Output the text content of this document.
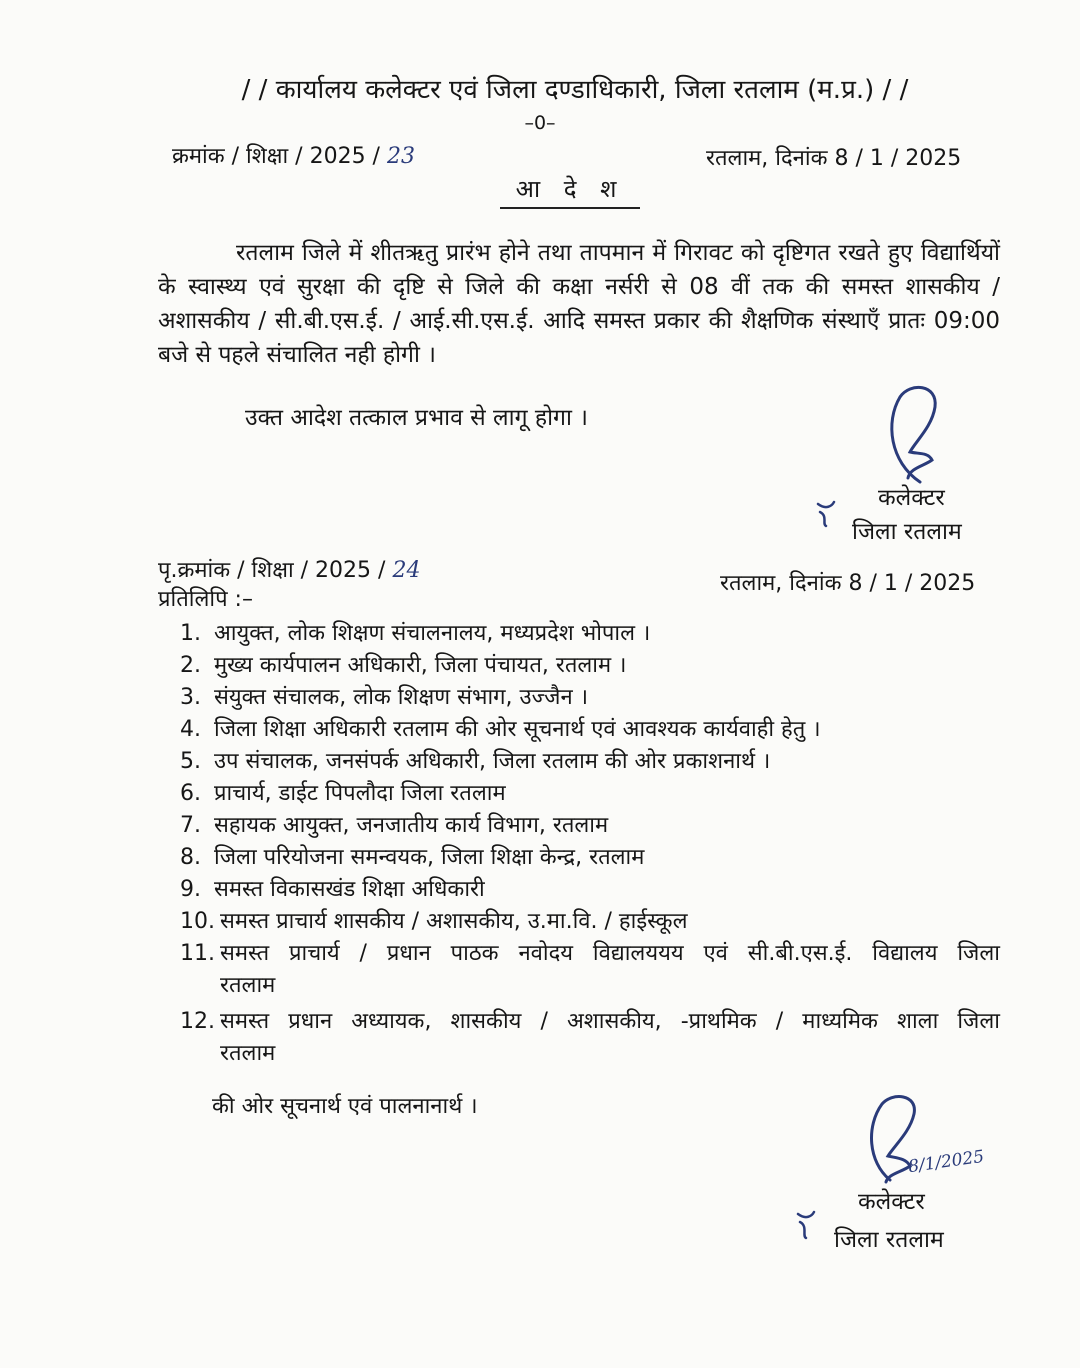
/ / कार्यालय कलेक्टर एवं जिला दण्डाधिकारी, जिला रतलाम (म.प्र.) / /
–0–
क्रमांक / शिक्षा / 2025 / 23	रतलाम, दिनांक 8 / 1 / 2025
आ दे श
रतलाम जिले में शीतऋतु प्रारंभ होने तथा तापमान में गिरावट को दृष्टिगत रखते हुए विद्यार्थियों के स्वास्थ्य एवं सुरक्षा की दृष्टि से जिले की कक्षा नर्सरी से 08 वीं तक की समस्त शासकीय / अशासकीय / सी.बी.एस.ई. / आई.सी.एस.ई. आदि समस्त प्रकार की शैक्षणिक संस्थाएँ प्रातः 09:00 बजे से पहले संचालित नही होगी ।
उक्त आदेश तत्काल प्रभाव से लागू होगा ।
कलेक्टर
जिला रतलाम
पृ.क्रमांक / शिक्षा / 2025 / 24
रतलाम, दिनांक 8 / 1 / 2025
प्रतिलिपि :–
1. आयुक्त, लोक शिक्षण संचालनालय, मध्यप्रदेश भोपाल ।
2. मुख्य कार्यपालन अधिकारी, जिला पंचायत, रतलाम ।
3. संयुक्त संचालक, लोक शिक्षण संभाग, उज्जैन ।
4. जिला शिक्षा अधिकारी रतलाम की ओर सूचनार्थ एवं आवश्यक कार्यवाही हेतु ।
5. उप संचालक, जनसंपर्क अधिकारी, जिला रतलाम की ओर प्रकाशनार्थ ।
6. प्राचार्य, डाईट पिपलौदा जिला रतलाम
7. सहायक आयुक्त, जनजातीय कार्य विभाग, रतलाम
8. जिला परियोजना समन्वयक, जिला शिक्षा केन्द्र, रतलाम
9. समस्त विकासखंड शिक्षा अधिकारी
10. समस्त प्राचार्य शासकीय / अशासकीय, उ.मा.वि. / हाईस्कूल
11. समस्त प्राचार्य / प्रधान पाठक नवोदय विद्यालययय एवं सी.बी.एस.ई. विद्यालय जिला
रतलाम
12. समस्त प्रधान अध्यायक, शासकीय / अशासकीय, -प्राथमिक / माध्यमिक शाला जिला
रतलाम
की ओर सूचनार्थ एवं पालनानार्थ ।
8/1/2025
कलेक्टर
जिला रतलाम
